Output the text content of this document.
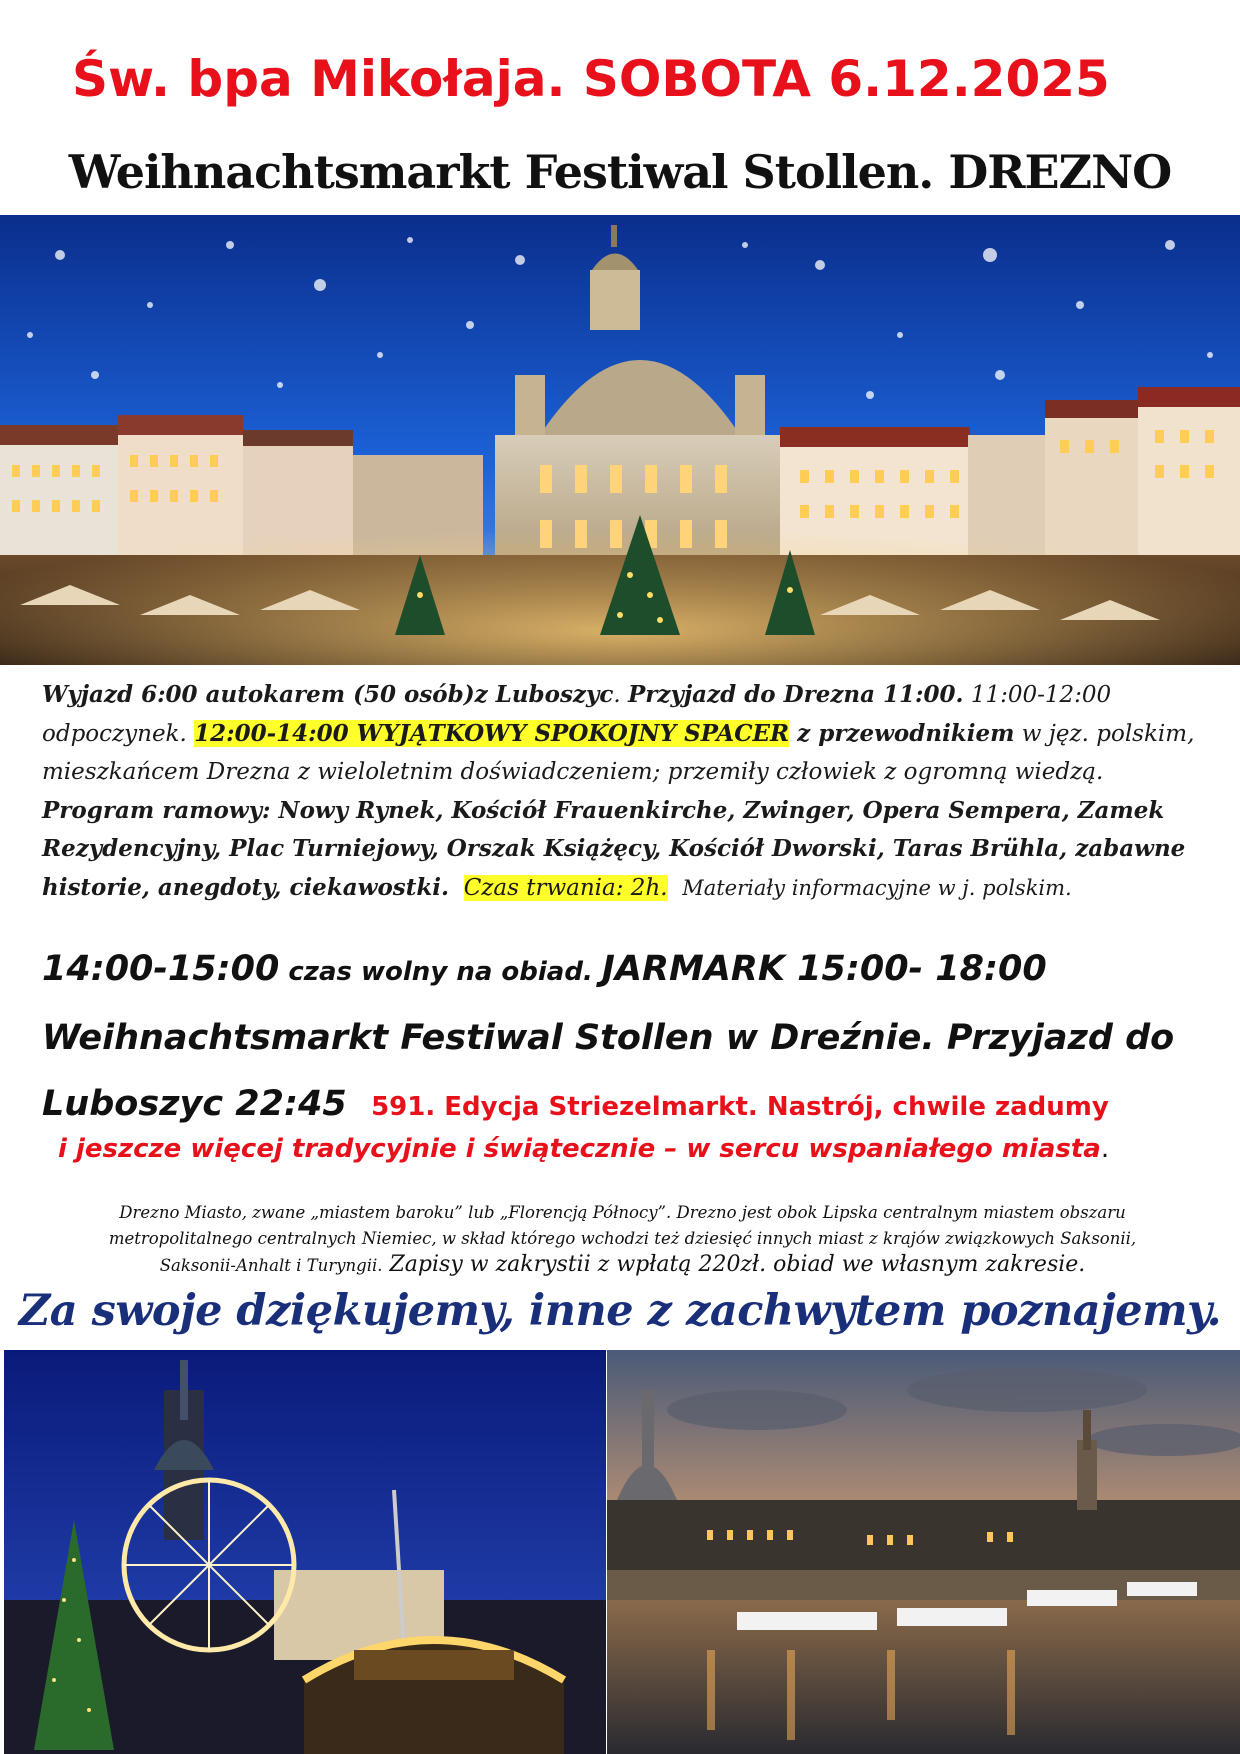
Św. bpa Mikołaja. SOBOTA 6.12.2025
Weihnachtsmarkt Festiwal Stollen. DREZNO
Wyjazd 6:00 autokarem (50 osób)z Luboszyc. Przyjazd do Drezna 11:00. 11:00-12:00 odpoczynek. 12:00-14:00 WYJĄTKOWY SPOKOJNY SPACER z przewodnikiem w jęz. polskim, mieszkańcem Drezna z wieloletnim doświadczeniem; przemiły człowiek z ogromną wiedzą.
Program ramowy: Nowy Rynek, Kościół Frauenkirche, Zwinger, Opera Sempera, Zamek Rezydencyjny, Plac Turniejowy, Orszak Książęcy, Kościół Dworski, Taras Brühla, zabawne historie, anegdoty, ciekawostki. Czas trwania: 2h. Materiały informacyjne w j. polskim.
14:00-15:00 czas wolny na obiad. JARMARK 15:00- 18:00
Weihnachtsmarkt Festiwal Stollen w Dreźnie. Przyjazd do
Luboszyc 22:45 591. Edycja Striezelmarkt. Nastrój, chwile zadumy
i jeszcze więcej tradycyjnie i świątecznie – w sercu wspaniałego miasta.
Drezno Miasto, zwane „miastem baroku” lub „Florencją Północy”. Drezno jest obok Lipska centralnym miastem obszaru metropolitalnego centralnych Niemiec, w skład którego wchodzi też dziesięć innych miast z krajów związkowych Saksonii, Saksonii-Anhalt i Turyngii. Zapisy w zakrystii z wpłatą 220zł. obiad we własnym zakresie.
Za swoje dziękujemy, inne z zachwytem poznajemy.
